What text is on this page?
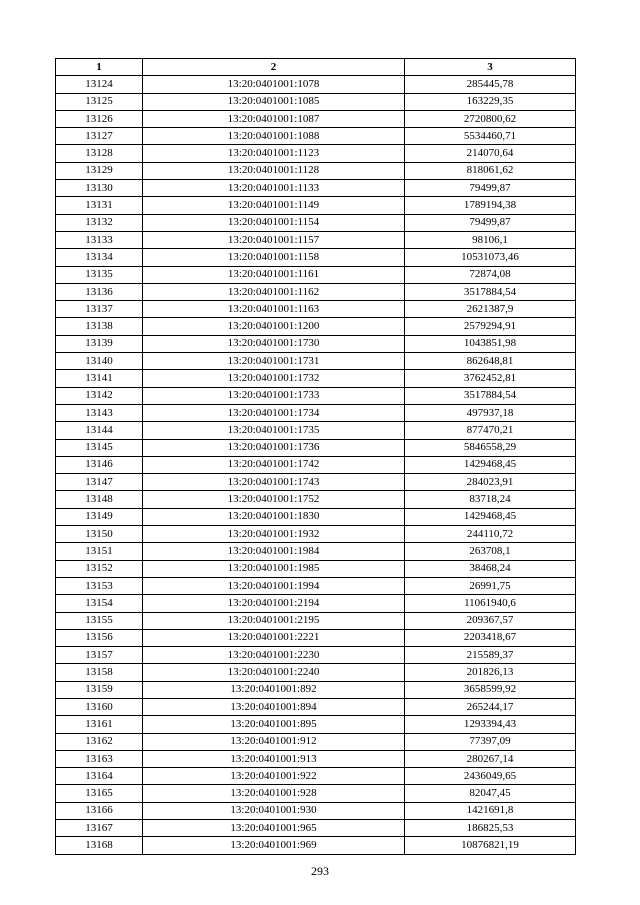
1	2	3
13124	13:20:0401001:1078	285445,78
13125	13:20:0401001:1085	163229,35
13126	13:20:0401001:1087	2720800,62
13127	13:20:0401001:1088	5534460,71
13128	13:20:0401001:1123	214070,64
13129	13:20:0401001:1128	818061,62
13130	13:20:0401001:1133	79499,87
13131	13:20:0401001:1149	1789194,38
13132	13:20:0401001:1154	79499,87
13133	13:20:0401001:1157	98106,1
13134	13:20:0401001:1158	10531073,46
13135	13:20:0401001:1161	72874,08
13136	13:20:0401001:1162	3517884,54
13137	13:20:0401001:1163	2621387,9
13138	13:20:0401001:1200	2579294,91
13139	13:20:0401001:1730	1043851,98
13140	13:20:0401001:1731	862648,81
13141	13:20:0401001:1732	3762452,81
13142	13:20:0401001:1733	3517884,54
13143	13:20:0401001:1734	497937,18
13144	13:20:0401001:1735	877470,21
13145	13:20:0401001:1736	5846558,29
13146	13:20:0401001:1742	1429468,45
13147	13:20:0401001:1743	284023,91
13148	13:20:0401001:1752	83718,24
13149	13:20:0401001:1830	1429468,45
13150	13:20:0401001:1932	244110,72
13151	13:20:0401001:1984	263708,1
13152	13:20:0401001:1985	38468,24
13153	13:20:0401001:1994	26991,75
13154	13:20:0401001:2194	11061940,6
13155	13:20:0401001:2195	209367,57
13156	13:20:0401001:2221	2203418,67
13157	13:20:0401001:2230	215589,37
13158	13:20:0401001:2240	201826,13
13159	13:20:0401001:892	3658599,92
13160	13:20:0401001:894	265244,17
13161	13:20:0401001:895	1293394,43
13162	13:20:0401001:912	77397,09
13163	13:20:0401001:913	280267,14
13164	13:20:0401001:922	2436049,65
13165	13:20:0401001:928	82047,45
13166	13:20:0401001:930	1421691,8
13167	13:20:0401001:965	186825,53
13168	13:20:0401001:969	10876821,19
293
